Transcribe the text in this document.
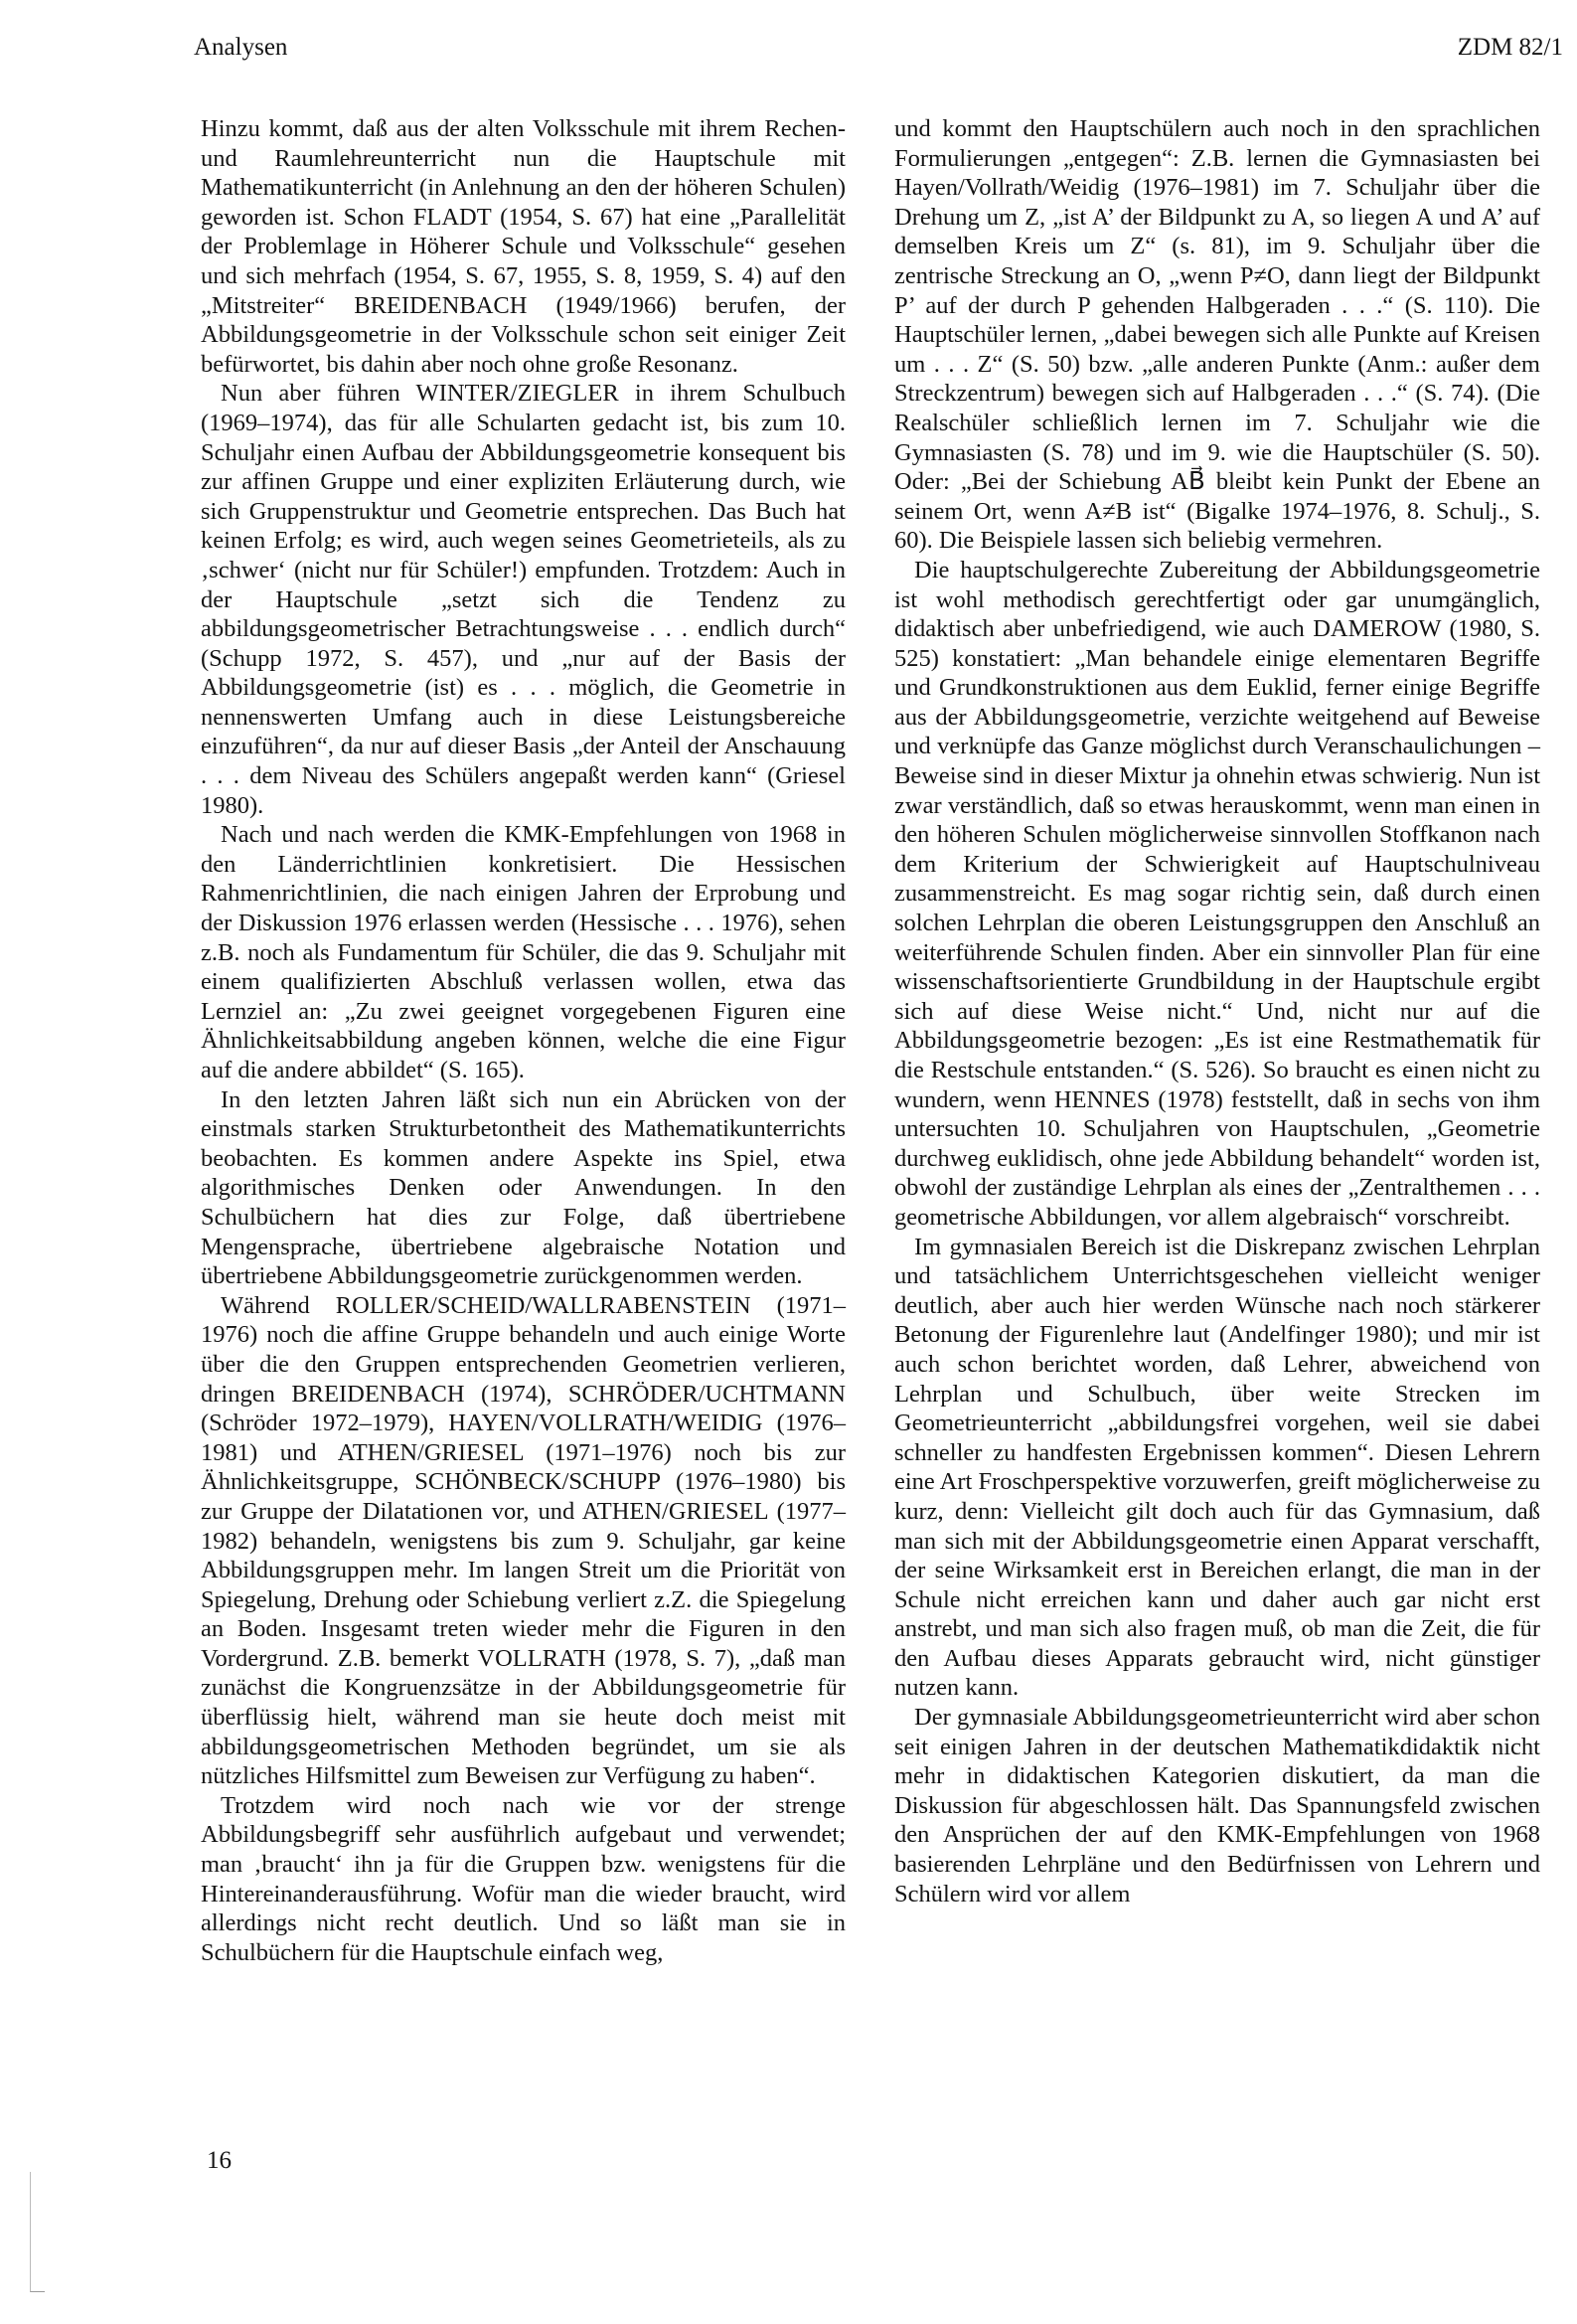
Analysen	ZDM 82/1

Hinzu kommt, daß aus der alten Volksschule mit ihrem Rechen- und Raumlehreunterricht nun die Hauptschule mit Mathematikunterricht (in Anlehnung an den der höheren Schulen) geworden ist. Schon FLADT (1954, S. 67) hat eine „Parallelität der Problemlage in Höherer Schule und Volksschule“ gesehen und sich mehrfach (1954, S. 67, 1955, S. 8, 1959, S. 4) auf den „Mitstreiter“ BREIDENBACH (1949/1966) berufen, der Abbildungsgeometrie in der Volksschule schon seit einiger Zeit befürwortet, bis dahin aber noch ohne große Resonanz.

Nun aber führen WINTER/ZIEGLER in ihrem Schulbuch (1969–1974), das für alle Schularten gedacht ist, bis zum 10. Schuljahr einen Aufbau der Abbildungsgeometrie konsequent bis zur affinen Gruppe und einer expliziten Erläuterung durch, wie sich Gruppenstruktur und Geometrie entsprechen. Das Buch hat keinen Erfolg; es wird, auch wegen seines Geometrieteils, als zu ‚schwer‘ (nicht nur für Schüler!) empfunden. Trotzdem: Auch in der Hauptschule „setzt sich die Tendenz zu abbildungsgeometrischer Betrachtungsweise . . . endlich durch“ (Schupp 1972, S. 457), und „nur auf der Basis der Abbildungsgeometrie (ist) es . . . möglich, die Geometrie in nennenswerten Umfang auch in diese Leistungsbereiche einzuführen“, da nur auf dieser Basis „der Anteil der Anschauung . . . dem Niveau des Schülers angepaßt werden kann“ (Griesel 1980).

Nach und nach werden die KMK-Empfehlungen von 1968 in den Länderrichtlinien konkretisiert. Die Hessischen Rahmenrichtlinien, die nach einigen Jahren der Erprobung und der Diskussion 1976 erlassen werden (Hessische . . . 1976), sehen z.B. noch als Fundamentum für Schüler, die das 9. Schuljahr mit einem qualifizierten Abschluß verlassen wollen, etwa das Lernziel an: „Zu zwei geeignet vorgegebenen Figuren eine Ähnlichkeitsabbildung angeben können, welche die eine Figur auf die andere abbildet“ (S. 165).

In den letzten Jahren läßt sich nun ein Abrücken von der einstmals starken Strukturbetontheit des Mathematikunterrichts beobachten. Es kommen andere Aspekte ins Spiel, etwa algorithmisches Denken oder Anwendungen. In den Schulbüchern hat dies zur Folge, daß übertriebene Mengensprache, übertriebene algebraische Notation und übertriebene Abbildungsgeometrie zurückgenommen werden.

Während ROLLER/SCHEID/WALLRABENSTEIN (1971–1976) noch die affine Gruppe behandeln und auch einige Worte über die den Gruppen entsprechenden Geometrien verlieren, dringen BREIDENBACH (1974), SCHRÖDER/UCHTMANN (Schröder 1972–1979), HAYEN/VOLLRATH/WEIDIG (1976–1981) und ATHEN/GRIESEL (1971–1976) noch bis zur Ähnlichkeitsgruppe, SCHÖNBECK/SCHUPP (1976–1980) bis zur Gruppe der Dilatationen vor, und ATHEN/GRIESEL (1977–1982) behandeln, wenigstens bis zum 9. Schuljahr, gar keine Abbildungsgruppen mehr. Im langen Streit um die Priorität von Spiegelung, Drehung oder Schiebung verliert z.Z. die Spiegelung an Boden. Insgesamt treten wieder mehr die Figuren in den Vordergrund. Z.B. bemerkt VOLLRATH (1978, S. 7), „daß man zunächst die Kongruenzsätze in der Abbildungsgeometrie für überflüssig hielt, während man sie heute doch meist mit abbildungsgeometrischen Methoden begründet, um sie als nützliches Hilfsmittel zum Beweisen zur Verfügung zu haben“.

Trotzdem wird noch nach wie vor der strenge Abbildungsbegriff sehr ausführlich aufgebaut und verwendet; man ‚braucht‘ ihn ja für die Gruppen bzw. wenigstens für die Hintereinanderausführung. Wofür man die wieder braucht, wird allerdings nicht recht deutlich. Und so läßt man sie in Schulbüchern für die Hauptschule einfach weg,

und kommt den Hauptschülern auch noch in den sprachlichen Formulierungen „entgegen“: Z.B. lernen die Gymnasiasten bei Hayen/Vollrath/Weidig (1976–1981) im 7. Schuljahr über die Drehung um Z, „ist A’ der Bildpunkt zu A, so liegen A und A’ auf demselben Kreis um Z“ (s. 81), im 9. Schuljahr über die zentrische Streckung an O, „wenn P≠O, dann liegt der Bildpunkt P’ auf der durch P gehenden Halbgeraden . . .“ (S. 110). Die Hauptschüler lernen, „dabei bewegen sich alle Punkte auf Kreisen um . . . Z“ (S. 50) bzw. „alle anderen Punkte (Anm.: außer dem Streckzentrum) bewegen sich auf Halbgeraden . . .“ (S. 74). (Die Realschüler schließlich lernen im 7. Schuljahr wie die Gymnasiasten (S. 78) und im 9. wie die Hauptschüler (S. 50). Oder: „Bei der Schiebung AB⃗ bleibt kein Punkt der Ebene an seinem Ort, wenn A≠B ist“ (Bigalke 1974–1976, 8. Schulj., S. 60). Die Beispiele lassen sich beliebig vermehren.

Die hauptschulgerechte Zubereitung der Abbildungsgeometrie ist wohl methodisch gerechtfertigt oder gar unumgänglich, didaktisch aber unbefriedigend, wie auch DAMEROW (1980, S. 525) konstatiert: „Man behandele einige elementaren Begriffe und Grundkonstruktionen aus dem Euklid, ferner einige Begriffe aus der Abbildungsgeometrie, verzichte weitgehend auf Beweise und verknüpfe das Ganze möglichst durch Veranschaulichungen – Beweise sind in dieser Mixtur ja ohnehin etwas schwierig. Nun ist zwar verständlich, daß so etwas herauskommt, wenn man einen in den höheren Schulen möglicherweise sinnvollen Stoffkanon nach dem Kriterium der Schwierigkeit auf Hauptschulniveau zusammenstreicht. Es mag sogar richtig sein, daß durch einen solchen Lehrplan die oberen Leistungsgruppen den Anschluß an weiterführende Schulen finden. Aber ein sinnvoller Plan für eine wissenschaftsorientierte Grundbildung in der Hauptschule ergibt sich auf diese Weise nicht.“ Und, nicht nur auf die Abbildungsgeometrie bezogen: „Es ist eine Restmathematik für die Restschule entstanden.“ (S. 526). So braucht es einen nicht zu wundern, wenn HENNES (1978) feststellt, daß in sechs von ihm untersuchten 10. Schuljahren von Hauptschulen, „Geometrie durchweg euklidisch, ohne jede Abbildung behandelt“ worden ist, obwohl der zuständige Lehrplan als eines der „Zentralthemen . . . geometrische Abbildungen, vor allem algebraisch“ vorschreibt.

Im gymnasialen Bereich ist die Diskrepanz zwischen Lehrplan und tatsächlichem Unterrichtsgeschehen vielleicht weniger deutlich, aber auch hier werden Wünsche nach noch stärkerer Betonung der Figurenlehre laut (Andelfinger 1980); und mir ist auch schon berichtet worden, daß Lehrer, abweichend von Lehrplan und Schulbuch, über weite Strecken im Geometrieunterricht „abbildungsfrei vorgehen, weil sie dabei schneller zu handfesten Ergebnissen kommen“. Diesen Lehrern eine Art Froschperspektive vorzuwerfen, greift möglicherweise zu kurz, denn: Vielleicht gilt doch auch für das Gymnasium, daß man sich mit der Abbildungsgeometrie einen Apparat verschafft, der seine Wirksamkeit erst in Bereichen erlangt, die man in der Schule nicht erreichen kann und daher auch gar nicht erst anstrebt, und man sich also fragen muß, ob man die Zeit, die für den Aufbau dieses Apparats gebraucht wird, nicht günstiger nutzen kann.

Der gymnasiale Abbildungsgeometrieunterricht wird aber schon seit einigen Jahren in der deutschen Mathematikdidaktik nicht mehr in didaktischen Kategorien diskutiert, da man die Diskussion für abgeschlossen hält. Das Spannungsfeld zwischen den Ansprüchen der auf den KMK-Empfehlungen von 1968 basierenden Lehrpläne und den Bedürfnissen von Lehrern und Schülern wird vor allem

16
